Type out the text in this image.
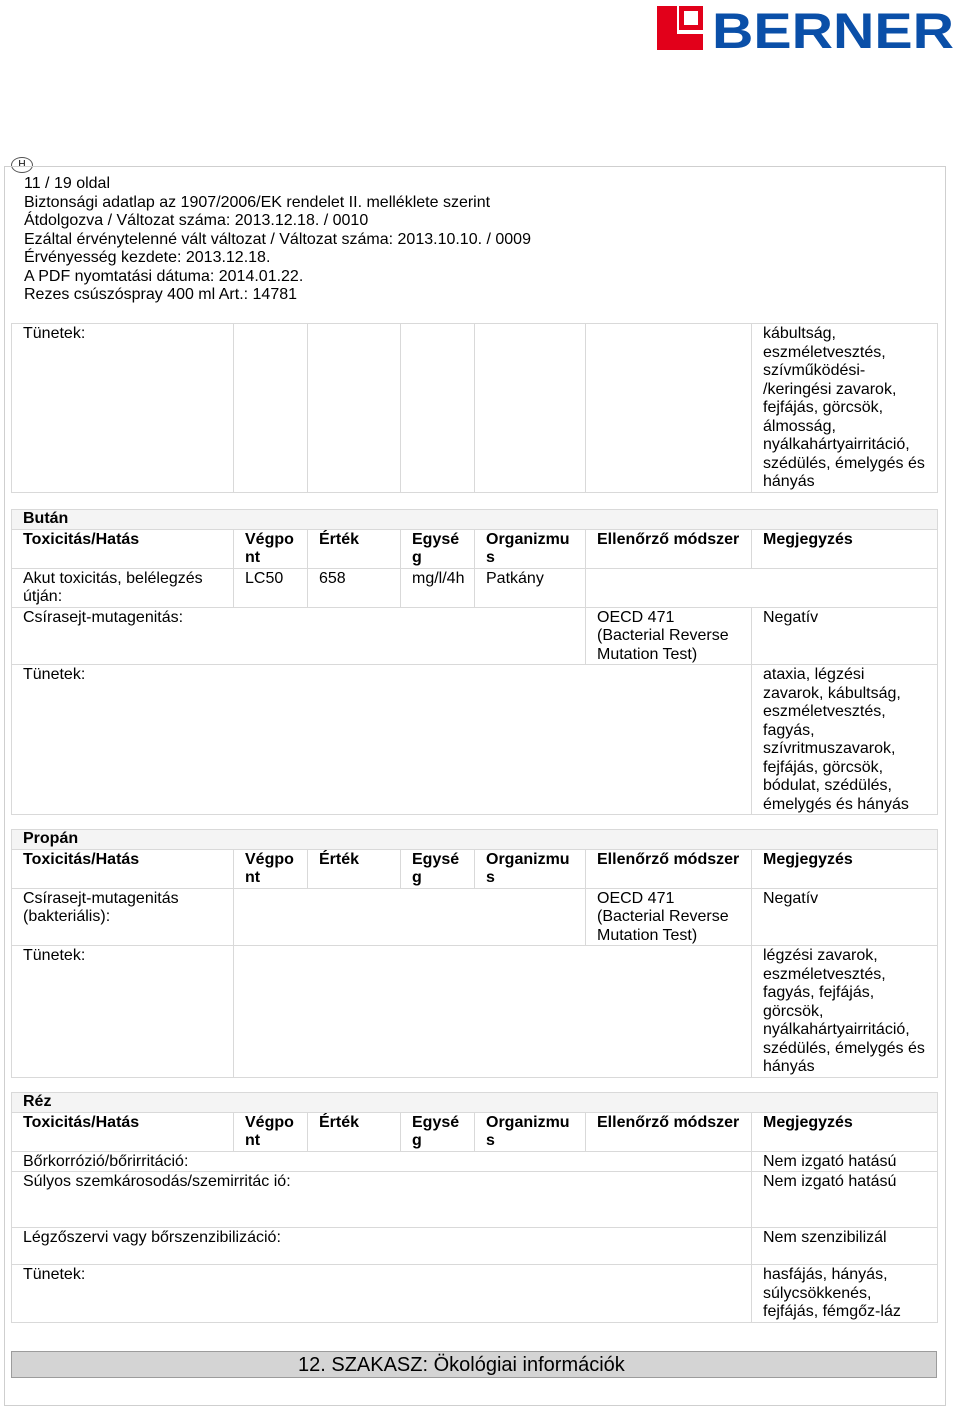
BERNER
H
11 / 19 oldal
Biztonsági adatlap az 1907/2006/EK rendelet II. melléklete szerint
Átdolgozva / Változat száma: 2013.12.18. / 0010
Ezáltal érvénytelenné vált változat / Változat száma: 2013.10.10. / 0009
Érvényesség kezdete: 2013.12.18.
A PDF nyomtatási dátuma: 2014.01.22.
Rezes csúszóspray 400 ml Art.: 14781
Tünetek:						kábultság, eszméletvesztés, szívműködési- /keringési zavarok, fejfájás, görcsök, álmosság, nyálkahártyairritáció, szédülés, émelygés és hányás
Bután						
Toxicitás/Hatás	Végpo nt	Érték	Egysé g	Organizmu s	Ellenőrző módszer	Megjegyzés
Akut toxicitás, belélegzés útján:	LC50	658	mg/l/4h	Patkány		
Csírasejt-mutagenitás:					OECD 471 (Bacterial Reverse Mutation Test)	Negatív
Tünetek:						ataxia, légzési zavarok, kábultság, eszméletvesztés, fagyás, szívritmuszavarok, fejfájás, görcsök, bódulat, szédülés, émelygés és hányás
Propán						
Toxicitás/Hatás	Végpo nt	Érték	Egysé g	Organizmu s	Ellenőrző módszer	Megjegyzés
Csírasejt-mutagenitás (bakteriális):					OECD 471 (Bacterial Reverse Mutation Test)	Negatív
Tünetek:						légzési zavarok, eszméletvesztés, fagyás, fejfájás, görcsök, nyálkahártyairritáció, szédülés, émelygés és hányás
Réz						
Toxicitás/Hatás	Végpo nt	Érték	Egysé g	Organizmu s	Ellenőrző módszer	Megjegyzés
Bőrkorrózió/bőrirritáció:						Nem izgató hatású
Súlyos szemkárosodás/szemirritác ió:						Nem izgató hatású
Légzőszervi vagy bőrszenzibilizáció:						Nem szenzibilizál
Tünetek:						hasfájás, hányás, súlycsökkenés, fejfájás, fémgőz-láz
12. SZAKASZ: Ökológiai információk
